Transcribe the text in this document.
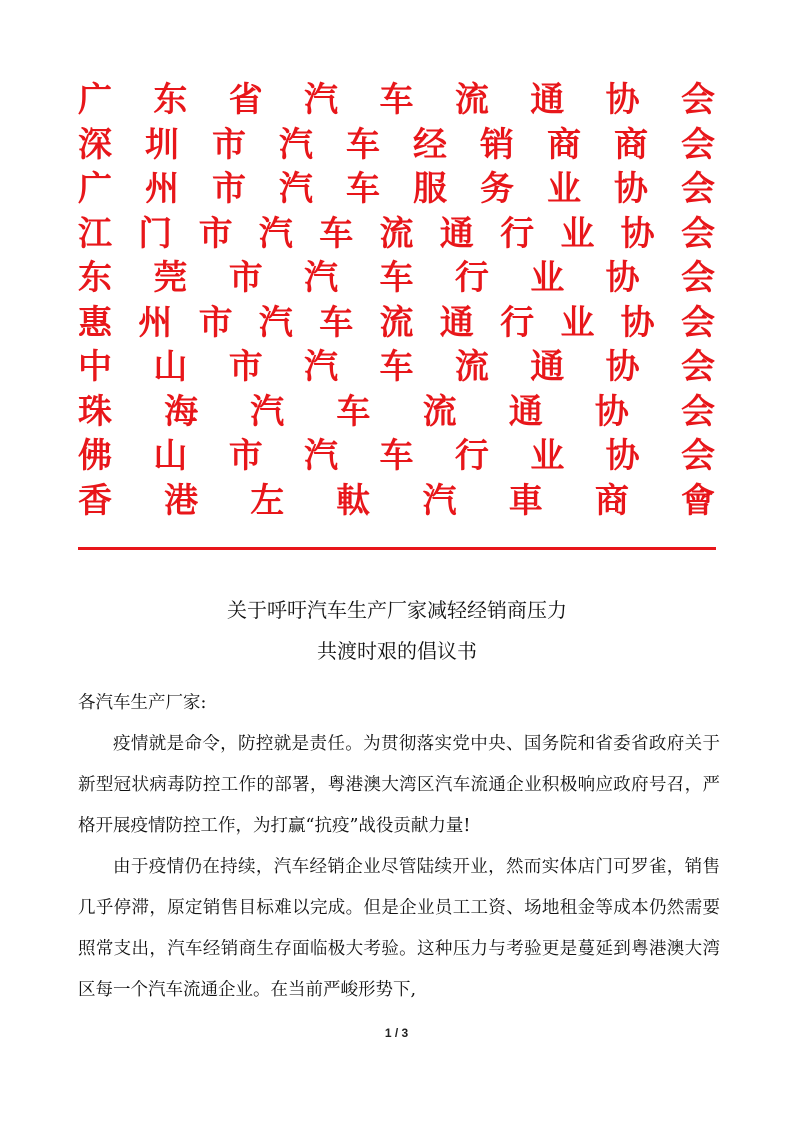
广 东 省 汽 车 流 通 协 会
深 圳 市 汽 车 经 销 商 商 会
广 州 市 汽 车 服 务 业 协 会
江 门 市 汽 车 流 通 行 业 协 会
东 莞 市 汽 车 行 业 协 会
惠 州 市 汽 车 流 通 行 业 协 会
中 山 市 汽 车 流 通 协 会
珠 海 汽 车 流 通 协 会
佛 山 市 汽 车 行 业 协 会
香 港 左 軚 汽 車 商 會
关于呼吁汽车生产厂家减轻经销商压力
共渡时艰的倡议书

各汽车生产厂家:

疫情就是命令，防控就是责任。为贯彻落实党中央、国务院和省委省政府关于新型冠状病毒防控工作的部署，粤港澳大湾区汽车流通企业积极响应政府号召，严格开展疫情防控工作，为打赢“抗疫”战役贡献力量!

由于疫情仍在持续，汽车经销企业尽管陆续开业，然而实体店门可罗雀，销售几乎停滞，原定销售目标难以完成。但是企业员工工资、场地租金等成本仍然需要照常支出，汽车经销商生存面临极大考验。这种压力与考验更是蔓延到粤港澳大湾区每一个汽车流通企业。在当前严峻形势下,

1 / 3
